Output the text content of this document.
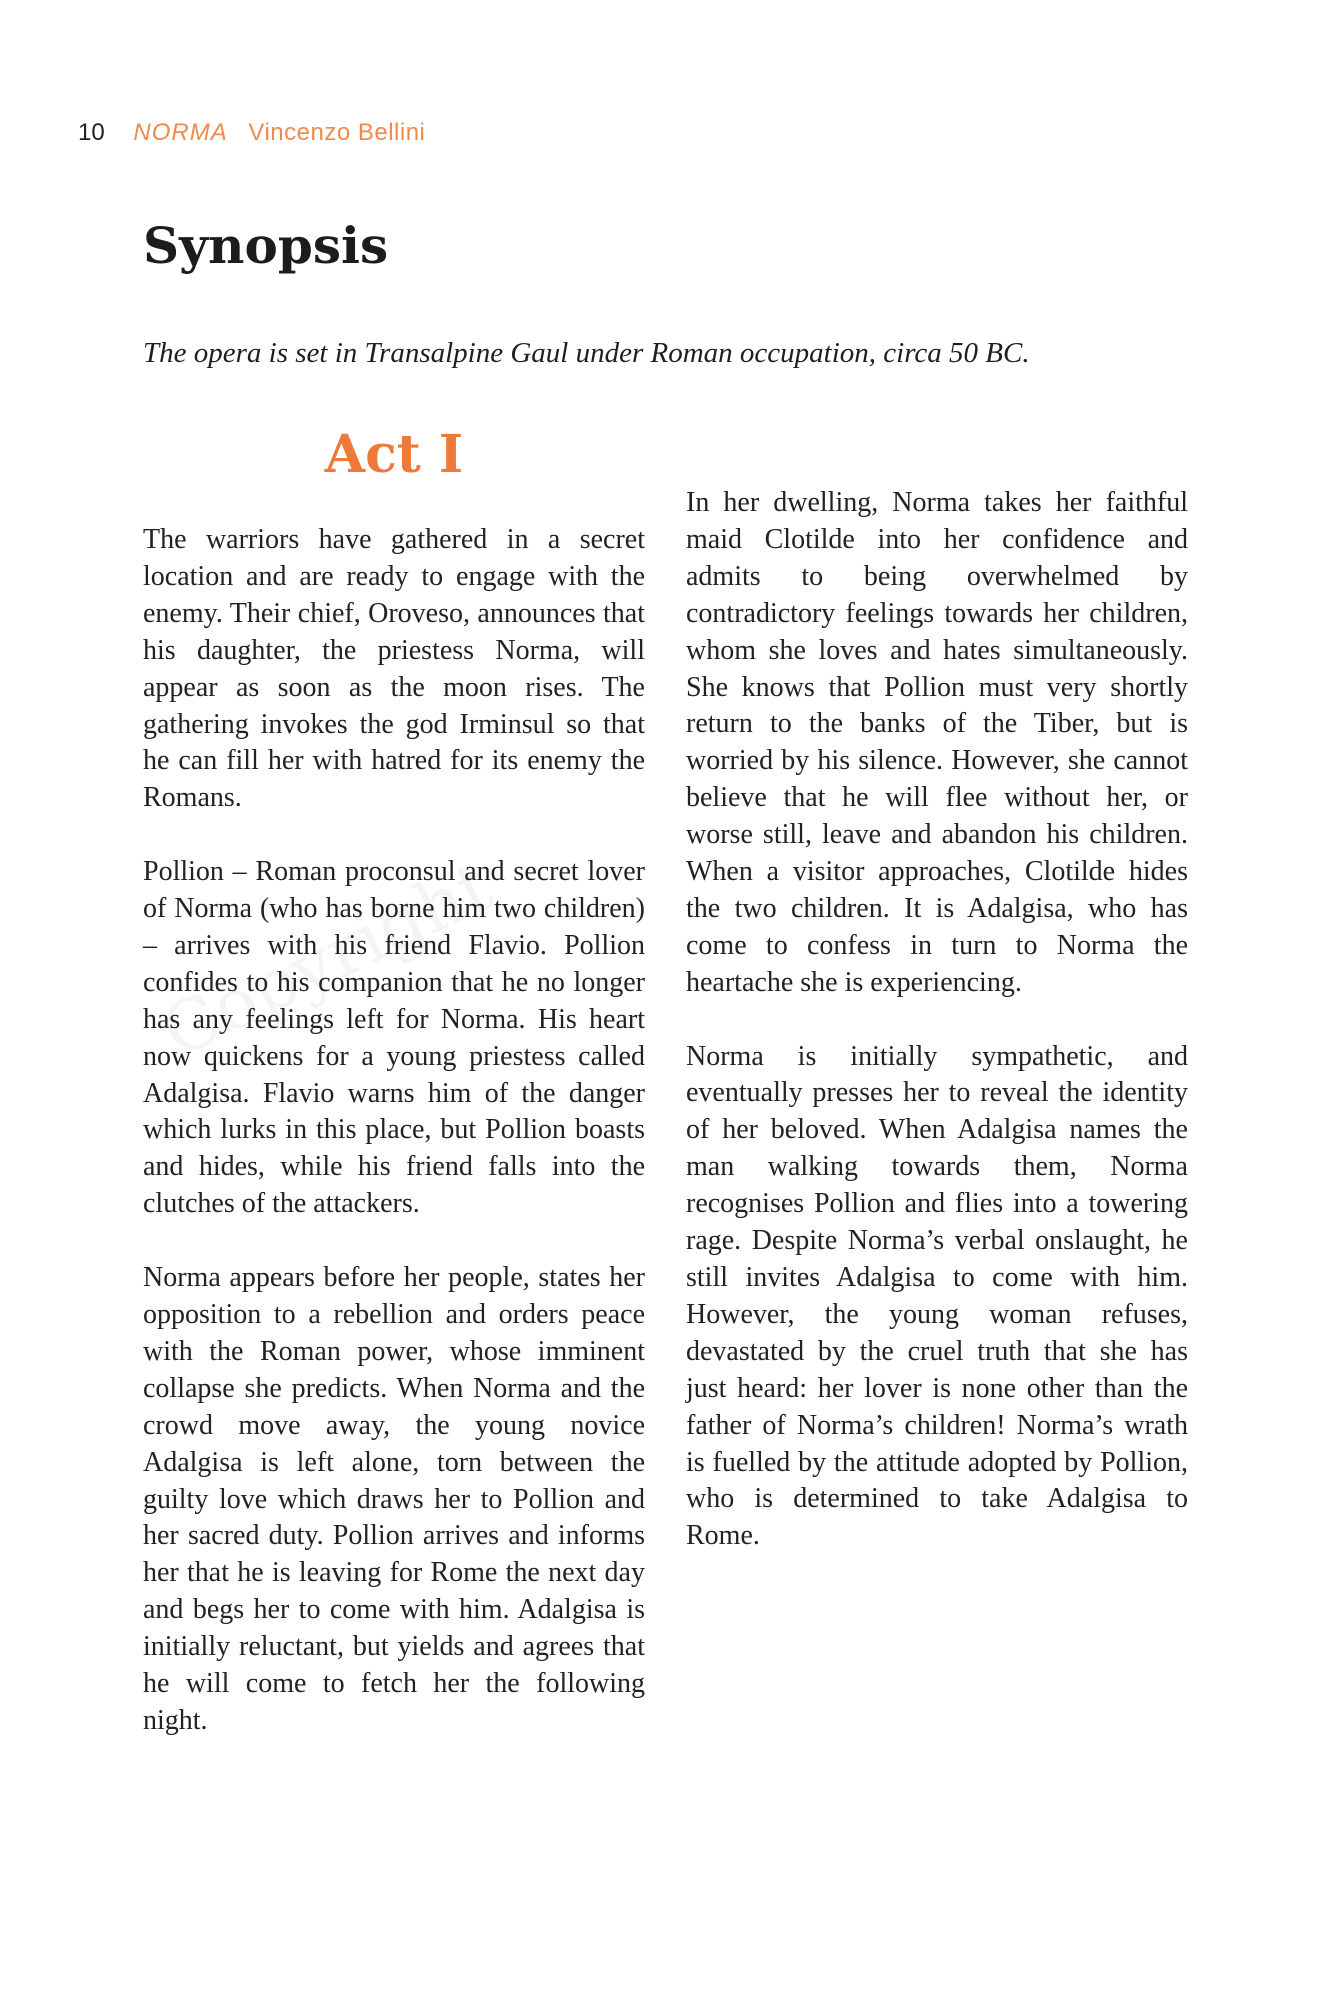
10 NORMA Vincenzo Bellini
Synopsis
The opera is set in Transalpine Gaul under Roman occupation, circa 50 BC.
Act I

The warriors have gathered in a secret location and are ready to engage with the enemy. Their chief, Oroveso, announces that his daughter, the priestess Norma, will appear as soon as the moon rises. The gathering invokes the god Irminsul so that he can fill her with hatred for its enemy the Romans.

Pollion – Roman proconsul and secret lover of Norma (who has borne him two children) – arrives with his friend Flavio. Pollion confides to his companion that he no longer has any feelings left for Norma. His heart now quickens for a young priestess called Adalgisa. Flavio warns him of the danger which lurks in this place, but Pollion boasts and hides, while his friend falls into the clutches of the attackers.

Norma appears before her people, states her opposition to a rebellion and orders peace with the Roman power, whose imminent collapse she predicts. When Norma and the crowd move away, the young novice Adalgisa is left alone, torn between the guilty love which draws her to Pollion and her sacred duty. Pollion arrives and informs her that he is leaving for Rome the next day and begs her to come with him. Adalgisa is initially reluctant, but yields and agrees that he will come to fetch her the following night.

In her dwelling, Norma takes her faithful maid Clotilde into her confidence and admits to being overwhelmed by contradictory feelings towards her children, whom she loves and hates simultaneously. She knows that Pollion must very shortly return to the banks of the Tiber, but is worried by his silence. However, she cannot believe that he will flee without her, or worse still, leave and abandon his children. When a visitor approaches, Clotilde hides the two children. It is Adalgisa, who has come to confess in turn to Norma the heartache she is experiencing.

Norma is initially sympathetic, and eventually presses her to reveal the identity of her beloved. When Adalgisa names the man walking towards them, Norma recognises Pollion and flies into a towering rage. Despite Norma’s verbal onslaught, he still invites Adalgisa to come with him. However, the young woman refuses, devastated by the cruel truth that she has just heard: her lover is none other than the father of Norma’s children! Norma’s wrath is fuelled by the attitude adopted by Pollion, who is determined to take Adalgisa to Rome.
